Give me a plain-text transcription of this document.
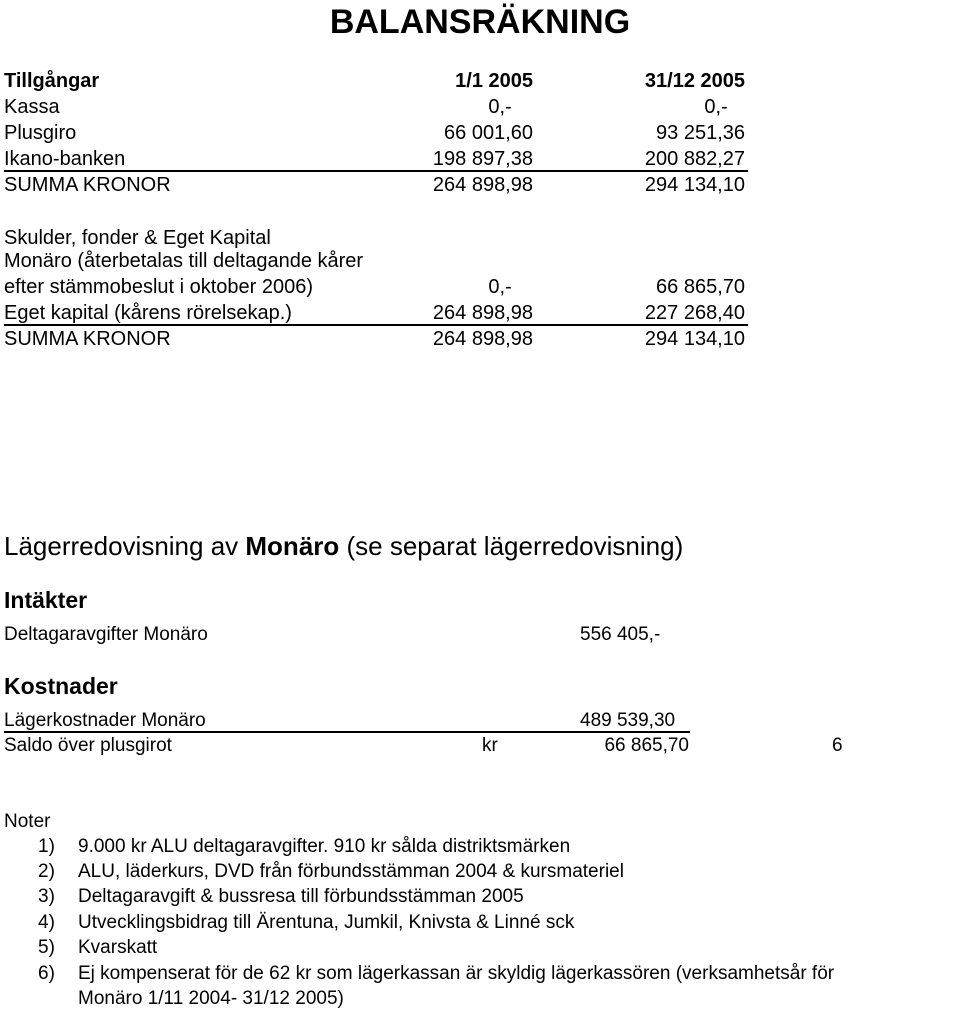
BALANSRÄKNING
Tillgångar	1/1 2005	31/12 2005
Kassa	0,-	0,-
Plusgiro	66 001,60	93 251,36
Ikano-banken	198 897,38	200 882,27
SUMMA KRONOR	264 898,98	294 134,10
Skulder, fonder & Eget Kapital
Monäro (återbetalas till deltagande kårer
efter stämmobeslut i oktober 2006)	0,-	66 865,70
Eget kapital (kårens rörelsekap.)	264 898,98	227 268,40
SUMMA KRONOR	264 898,98	294 134,10
Lägerredovisning av Monäro (se separat lägerredovisning)
Intäkter
Deltagaravgifter Monäro	556 405,-
Kostnader
Lägerkostnader Monäro	489 539,30
Saldo över plusgirot	kr	66 865,70	6
Noter
1) 9.000 kr ALU deltagaravgifter. 910 kr sålda distriktsmärken
2) ALU, läderkurs, DVD från förbundsstämman 2004 & kursmateriel
3) Deltagaravgift & bussresa till förbundsstämman 2005
4) Utvecklingsbidrag till Ärentuna, Jumkil, Knivsta & Linné sck
5) Kvarskatt
6) Ej kompenserat för de 62 kr som lägerkassan är skyldig lägerkassören (verksamhetsår för
Monäro 1/11 2004- 31/12 2005)
